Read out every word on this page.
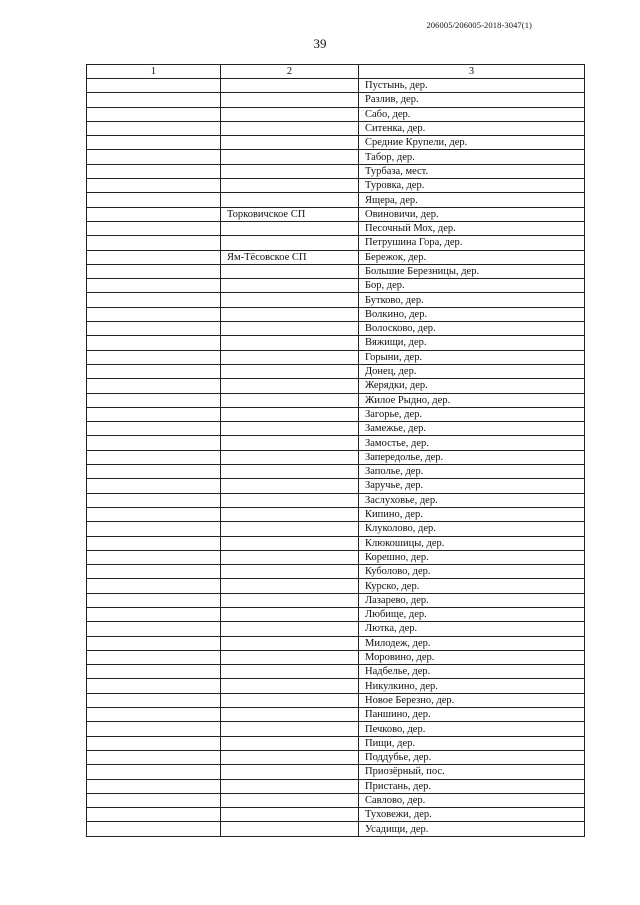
206005/206005-2018-3047(1)
39
1	2	3
		Пустынь, дер.
		Разлив, дер.
		Сабо, дер.
		Ситенка, дер.
		Средние Крупели, дер.
		Табор, дер.
		Турбаза, мест.
		Туровка, дер.
		Ящера, дер.
	Торковичское СП	Овиновичи, дер.
		Песочный Мох, дер.
		Петрушина Гора, дер.
	Ям-Тёсовское СП	Бережок, дер.
		Большие Березницы, дер.
		Бор, дер.
		Бутково, дер.
		Волкино, дер.
		Волосково, дер.
		Вяжищи, дер.
		Горыни, дер.
		Донец, дер.
		Жерядки, дер.
		Жилое Рыдно, дер.
		Загорье, дер.
		Замежье, дер.
		Замостье, дер.
		Запередолье, дер.
		Заполье, дер.
		Заручье, дер.
		Заслуховье, дер.
		Кипино, дер.
		Клуколово, дер.
		Клюкошицы, дер.
		Корешно, дер.
		Куболово, дер.
		Курско, дер.
		Лазарево, дер.
		Любище, дер.
		Лютка, дер.
		Милодеж, дер.
		Моровино, дер.
		Надбелье, дер.
		Никулкино, дер.
		Новое Березно, дер.
		Паншино, дер.
		Печково, дер.
		Пищи, дер.
		Поддубье, дер.
		Приозёрный, пос.
		Пристань, дер.
		Савлово, дер.
		Туховежи, дер.
		Усадищи, дер.
